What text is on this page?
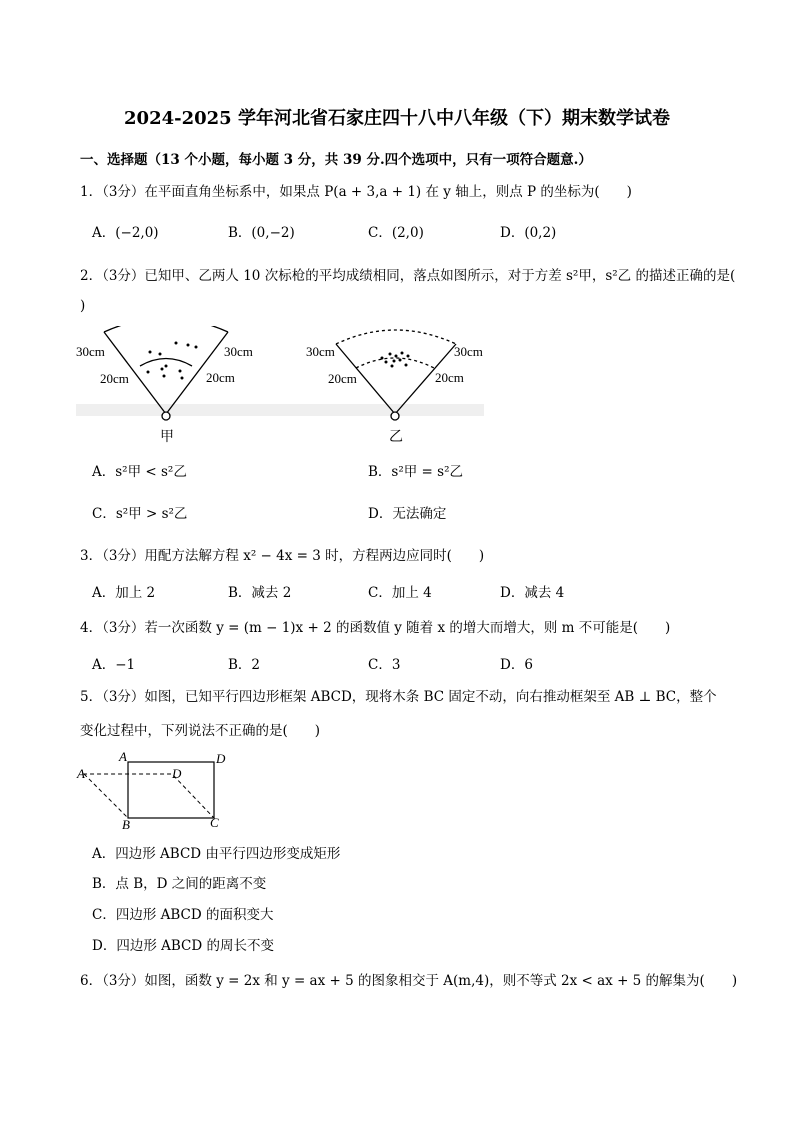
2024-2025 学年河北省石家庄四十八中八年级（下）期末数学试卷
一、选择题（13 个小题，每小题 3 分，共 39 分.四个选项中，只有一项符合题意.）
1．（3分）在平面直角坐标系中，如果点 P(a + 3,a + 1) 在 y 轴上，则点 P 的坐标为(　　)
A．(−2,0)	B．(0,−2)	C．(2,0)	D．(0,2)
2．（3分）已知甲、乙两人 10 次标枪的平均成绩相同，落点如图所示，对于方差 s²甲，s²乙 的描述正确的是(
)
30cm	30cm
20cm	20cm
甲
30cm	30cm
20cm	20cm
乙
A．s²甲 < s²乙	B．s²甲 = s²乙
C．s²甲 > s²乙	D．无法确定
3．（3分）用配方法解方程 x² − 4x = 3 时，方程两边应同时(　　)
A．加上 2	B．减去 2	C．加上 4	D．减去 4
4．（3分）若一次函数 y = (m − 1)x + 2 的函数值 y 随着 x 的增大而增大，则 m 不可能是(　　)
A．−1	B．2	C．3	D．6
5．（3分）如图，已知平行四边形框架 ABCD，现将木条 BC 固定不动，向右推动框架至 AB ⊥ BC，整个
变化过程中，下列说法不正确的是(　　)
A	D
A	D
B	C
A．四边形 ABCD 由平行四边形变成矩形
B．点 B，D 之间的距离不变
C．四边形 ABCD 的面积变大
D．四边形 ABCD 的周长不变
6．（3分）如图，函数 y = 2x 和 y = ax + 5 的图象相交于 A(m,4)，则不等式 2x < ax + 5 的解集为(　　)
